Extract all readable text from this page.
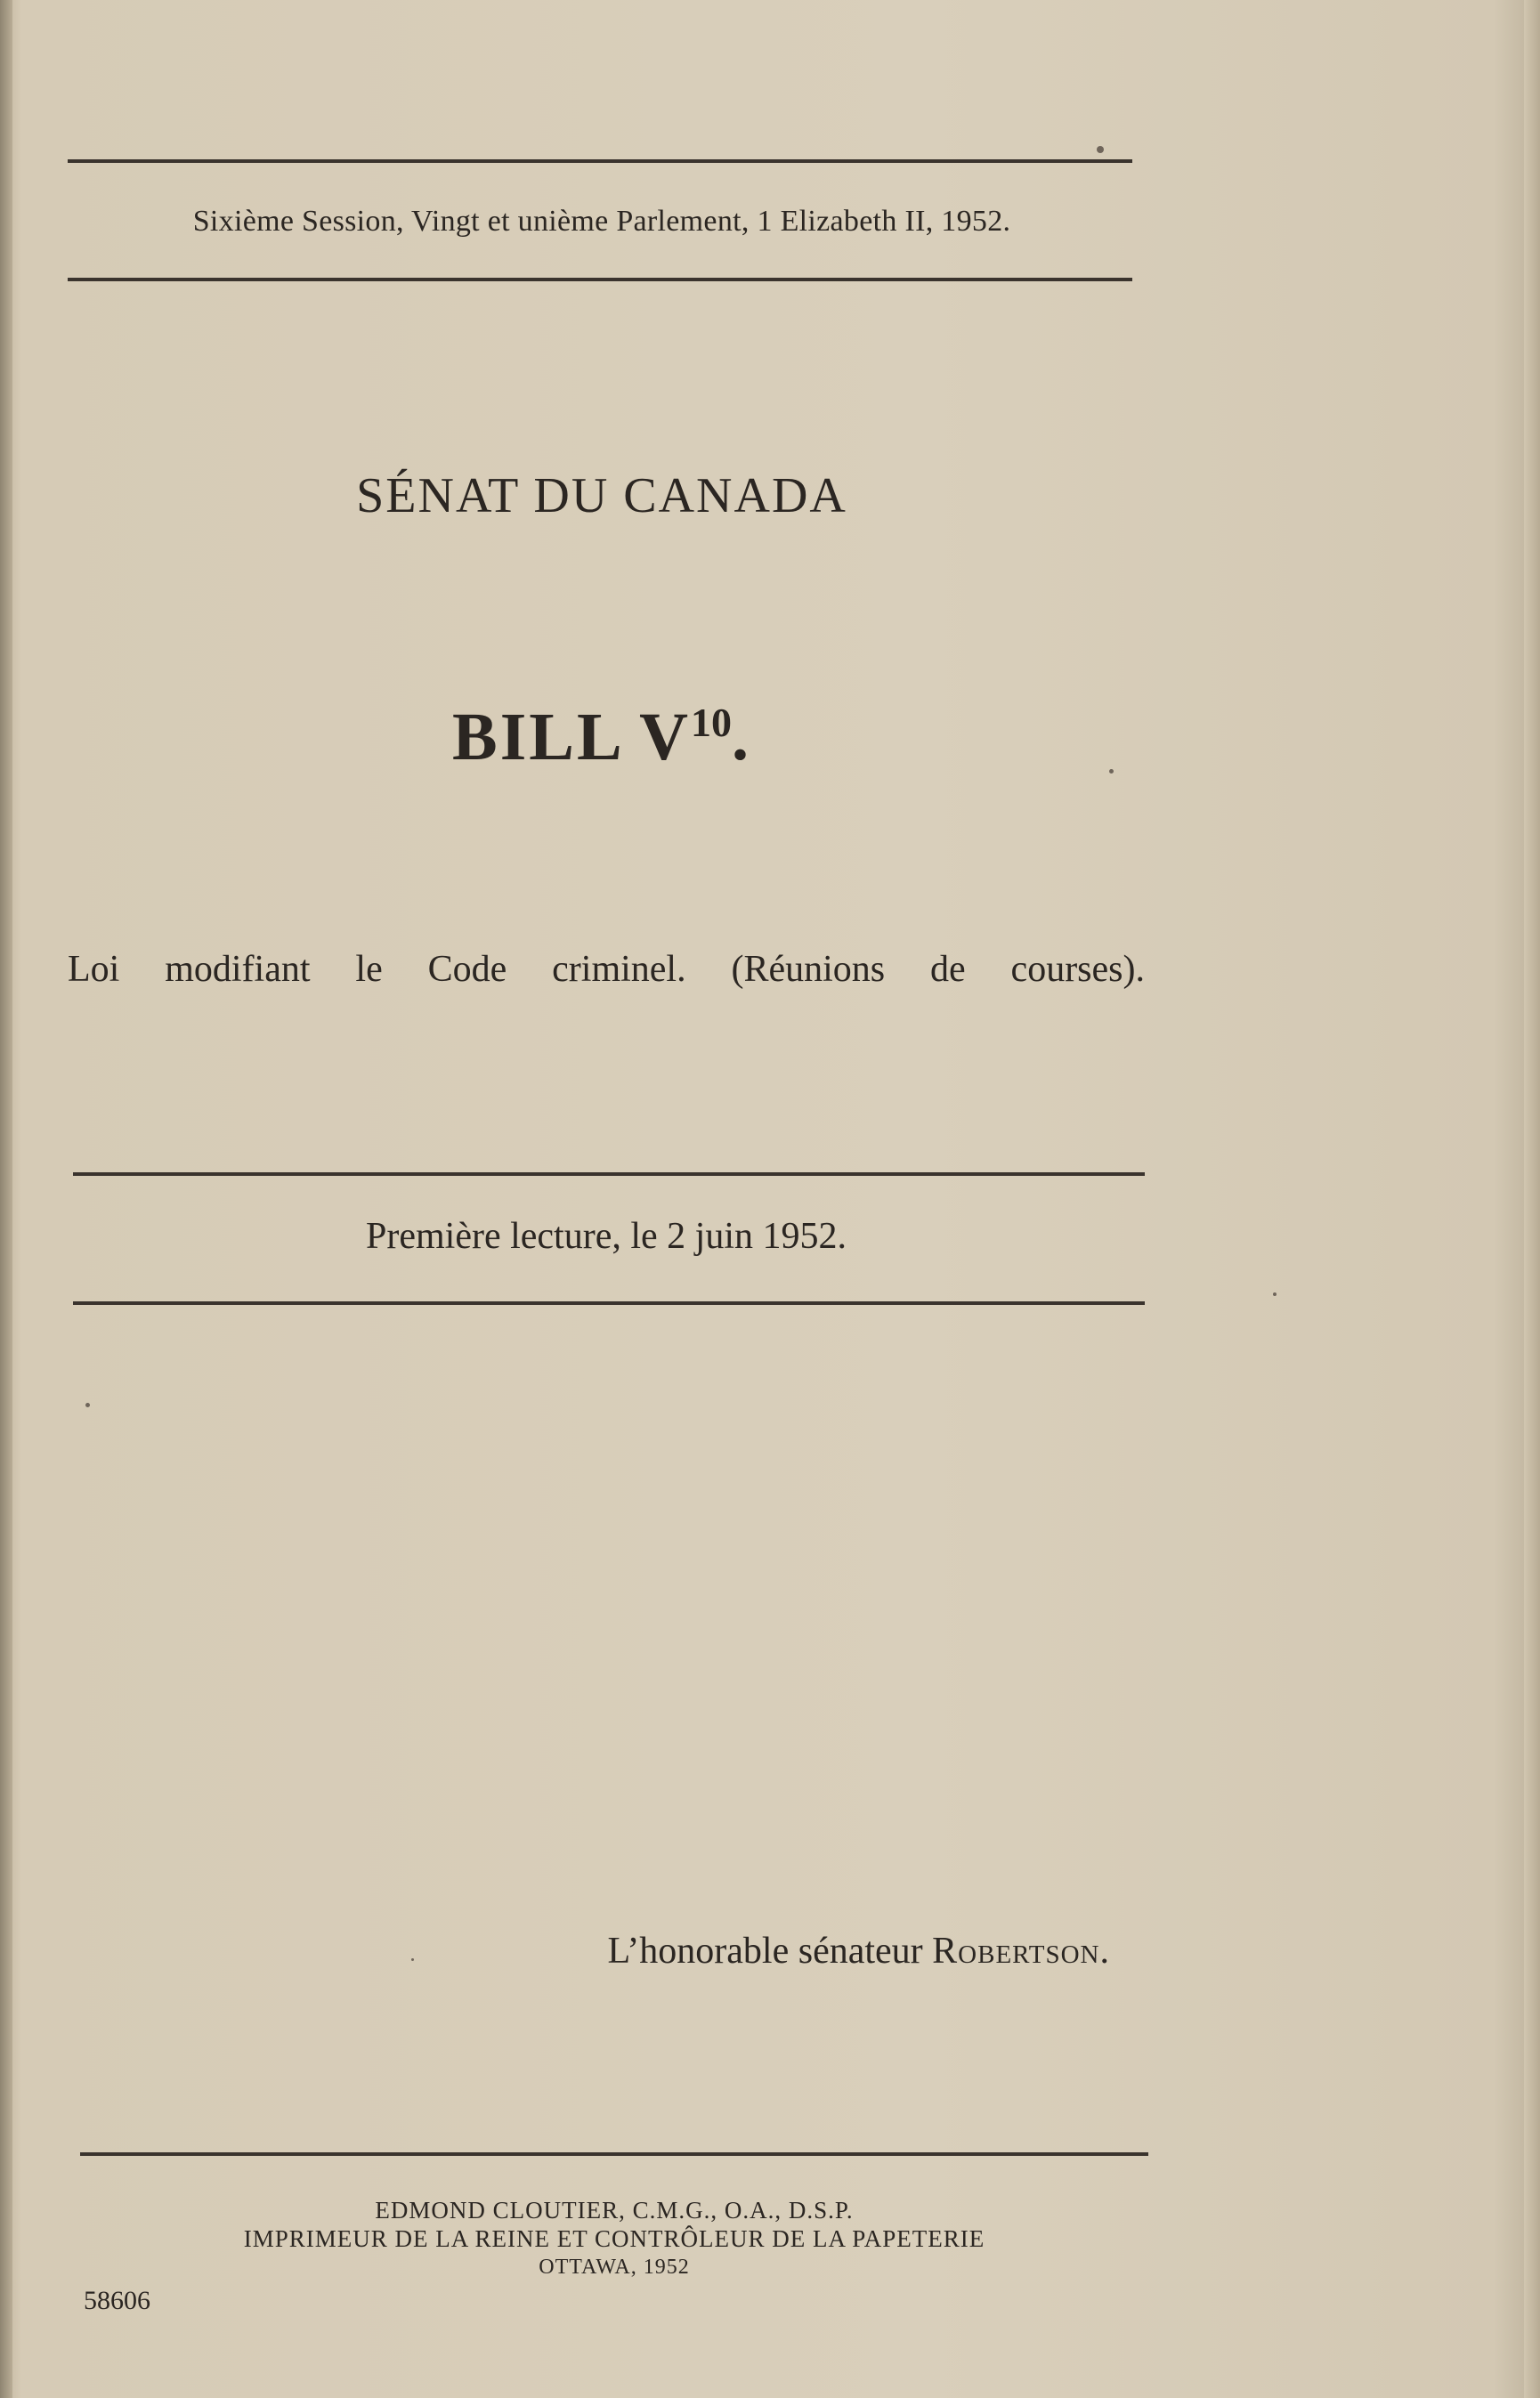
Sixième Session, Vingt et unième Parlement, 1 Elizabeth II, 1952.
SÉNAT DU CANADA
BILL $V^{10}$.
Loi modifiant le Code criminel. (Réunions de courses).
Première lecture, le 2 juin 1952.
L’honorable sénateur Robertson.
EDMOND CLOUTIER, C.M.G., O.A., D.S.P.
IMPRIMEUR DE LA REINE ET CONTRÔLEUR DE LA PAPETERIE
OTTAWA, 1952
58606
